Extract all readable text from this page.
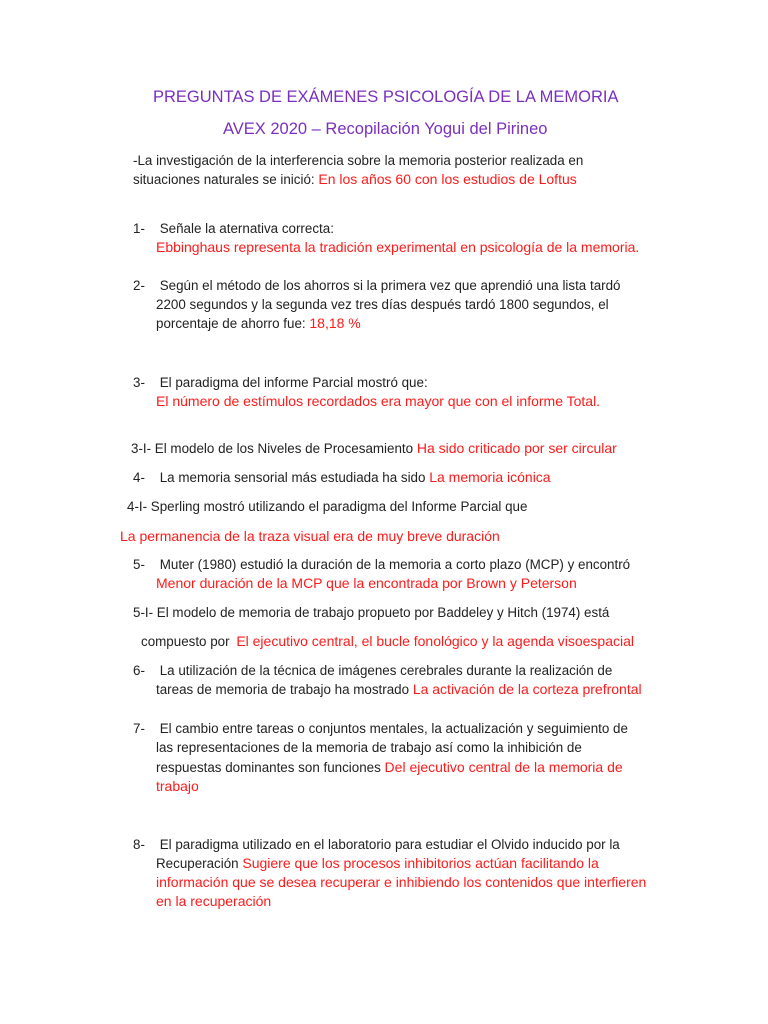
PREGUNTAS DE EXÁMENES PSICOLOGÍA DE LA MEMORIA
AVEX 2020 – Recopilación Yogui del Pirineo
-La investigación de la interferencia sobre la memoria posterior realizada en
situaciones naturales se inició: En los años 60 con los estudios de Loftus
1- Señale la aternativa correcta:
Ebbinghaus representa la tradición experimental en psicología de la memoria.
2- Según el método de los ahorros si la primera vez que aprendió una lista tardó
2200 segundos y la segunda vez tres días después tardó 1800 segundos, el
porcentaje de ahorro fue: 18,18 %
3- El paradigma del informe Parcial mostró que:
El número de estímulos recordados era mayor que con el informe Total.
3-I- El modelo de los Niveles de Procesamiento Ha sido criticado por ser circular
4- La memoria sensorial más estudiada ha sido La memoria icónica
4-I- Sperling mostró utilizando el paradigma del Informe Parcial que
La permanencia de la traza visual era de muy breve duración
5- Muter (1980) estudió la duración de la memoria a corto plazo (MCP) y encontró
Menor duración de la MCP que la encontrada por Brown y Peterson
5-I- El modelo de memoria de trabajo propueto por Baddeley y Hitch (1974) está
compuesto por El ejecutivo central, el bucle fonológico y la agenda visoespacial
6- La utilización de la técnica de imágenes cerebrales durante la realización de
tareas de memoria de trabajo ha mostrado La activación de la corteza prefrontal
7- El cambio entre tareas o conjuntos mentales, la actualización y seguimiento de
las representaciones de la memoria de trabajo así como la inhibición de
respuestas dominantes son funciones Del ejecutivo central de la memoria de
trabajo
8- El paradigma utilizado en el laboratorio para estudiar el Olvido inducido por la
Recuperación Sugiere que los procesos inhibitorios actúan facilitando la
información que se desea recuperar e inhibiendo los contenidos que interfieren
en la recuperación
